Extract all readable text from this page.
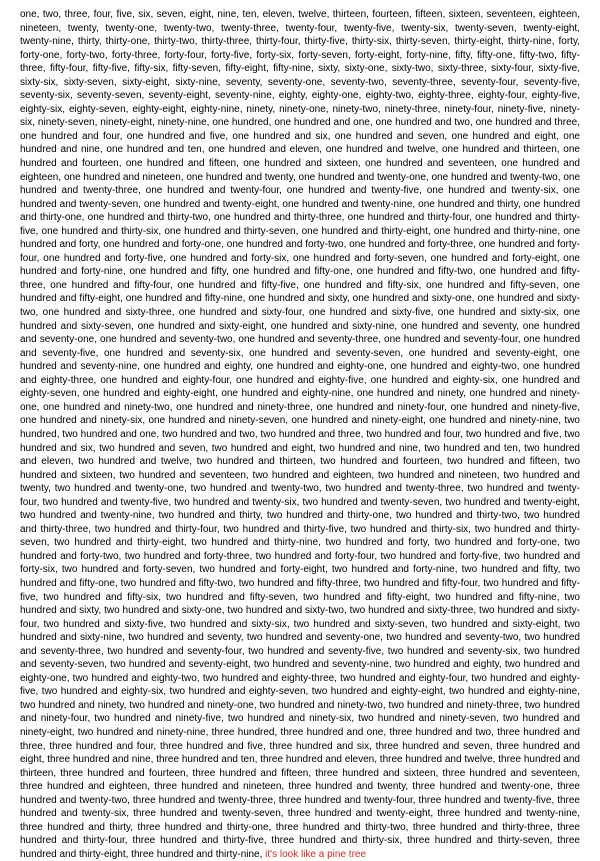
one, two, three, four, five, six, seven, eight, nine, ten, eleven, twelve, thirteen, fourteen, fifteen, sixteen, seventeen, eighteen, nineteen, twenty, twenty-one, twenty-two, twenty-three, twenty-four, twenty-five, twenty-six, twenty-seven, twenty-eight, twenty-nine, thirty, thirty-one, thirty-two, thirty-three, thirty-four, thirty-five, thirty-six, thirty-seven, thirty-eight, thirty-nine, forty, forty-one, forty-two, forty-three, forty-four, forty-five, forty-six, forty-seven, forty-eight, forty-nine, fifty, fifty-one, fifty-two, fifty-three, fifty-four, fifty-five, fifty-six, fifty-seven, fifty-eight, fifty-nine, sixty, sixty-one, sixty-two, sixty-three, sixty-four, sixty-five, sixty-six, sixty-seven, sixty-eight, sixty-nine, seventy, seventy-one, seventy-two, seventy-three, seventy-four, seventy-five, seventy-six, seventy-seven, seventy-eight, seventy-nine, eighty, eighty-one, eighty-two, eighty-three, eighty-four, eighty-five, eighty-six, eighty-seven, eighty-eight, eighty-nine, ninety, ninety-one, ninety-two, ninety-three, ninety-four, ninety-five, ninety-six, ninety-seven, ninety-eight, ninety-nine, one hundred, one hundred and one, one hundred and two, one hundred and three, one hundred and four, one hundred and five, one hundred and six, one hundred and seven, one hundred and eight, one hundred and nine, one hundred and ten, one hundred and eleven, one hundred and twelve, one hundred and thirteen, one hundred and fourteen, one hundred and fifteen, one hundred and sixteen, one hundred and seventeen, one hundred and eighteen, one hundred and nineteen, one hundred and twenty, one hundred and twenty-one, one hundred and twenty-two, one hundred and twenty-three, one hundred and twenty-four, one hundred and twenty-five, one hundred and twenty-six, one hundred and twenty-seven, one hundred and twenty-eight, one hundred and twenty-nine, one hundred and thirty, one hundred and thirty-one, one hundred and thirty-two, one hundred and thirty-three, one hundred and thirty-four, one hundred and thirty-five, one hundred and thirty-six, one hundred and thirty-seven, one hundred and thirty-eight, one hundred and thirty-nine, one hundred and forty, one hundred and forty-one, one hundred and forty-two, one hundred and forty-three, one hundred and forty-four, one hundred and forty-five, one hundred and forty-six, one hundred and forty-seven, one hundred and forty-eight, one hundred and forty-nine, one hundred and fifty, one hundred and fifty-one, one hundred and fifty-two, one hundred and fifty-three, one hundred and fifty-four, one hundred and fifty-five, one hundred and fifty-six, one hundred and fifty-seven, one hundred and fifty-eight, one hundred and fifty-nine, one hundred and sixty, one hundred and sixty-one, one hundred and sixty-two, one hundred and sixty-three, one hundred and sixty-four, one hundred and sixty-five, one hundred and sixty-six, one hundred and sixty-seven, one hundred and sixty-eight, one hundred and sixty-nine, one hundred and seventy, one hundred and seventy-one, one hundred and seventy-two, one hundred and seventy-three, one hundred and seventy-four, one hundred and seventy-five, one hundred and seventy-six, one hundred and seventy-seven, one hundred and seventy-eight, one hundred and seventy-nine, one hundred and eighty, one hundred and eighty-one, one hundred and eighty-two, one hundred and eighty-three, one hundred and eighty-four, one hundred and eighty-five, one hundred and eighty-six, one hundred and eighty-seven, one hundred and eighty-eight, one hundred and eighty-nine, one hundred and ninety, one hundred and ninety-one, one hundred and ninety-two, one hundred and ninety-three, one hundred and ninety-four, one hundred and ninety-five, one hundred and ninety-six, one hundred and ninety-seven, one hundred and ninety-eight, one hundred and ninety-nine, two hundred, two hundred and one, two hundred and two, two hundred and three, two hundred and four, two hundred and five, two hundred and six, two hundred and seven, two hundred and eight, two hundred and nine, two hundred and ten, two hundred and eleven, two hundred and twelve, two hundred and thirteen, two hundred and fourteen, two hundred and fifteen, two hundred and sixteen, two hundred and seventeen, two hundred and eighteen, two hundred and nineteen, two hundred and twenty, two hundred and twenty-one, two hundred and twenty-two, two hundred and twenty-three, two hundred and twenty-four, two hundred and twenty-five, two hundred and twenty-six, two hundred and twenty-seven, two hundred and twenty-eight, two hundred and twenty-nine, two hundred and thirty, two hundred and thirty-one, two hundred and thirty-two, two hundred and thirty-three, two hundred and thirty-four, two hundred and thirty-five, two hundred and thirty-six, two hundred and thirty-seven, two hundred and thirty-eight, two hundred and thirty-nine, two hundred and forty, two hundred and forty-one, two hundred and forty-two, two hundred and forty-three, two hundred and forty-four, two hundred and forty-five, two hundred and forty-six, two hundred and forty-seven, two hundred and forty-eight, two hundred and forty-nine, two hundred and fifty, two hundred and fifty-one, two hundred and fifty-two, two hundred and fifty-three, two hundred and fifty-four, two hundred and fifty-five, two hundred and fifty-six, two hundred and fifty-seven, two hundred and fifty-eight, two hundred and fifty-nine, two hundred and sixty, two hundred and sixty-one, two hundred and sixty-two, two hundred and sixty-three, two hundred and sixty-four, two hundred and sixty-five, two hundred and sixty-six, two hundred and sixty-seven, two hundred and sixty-eight, two hundred and sixty-nine, two hundred and seventy, two hundred and seventy-one, two hundred and seventy-two, two hundred and seventy-three, two hundred and seventy-four, two hundred and seventy-five, two hundred and seventy-six, two hundred and seventy-seven, two hundred and seventy-eight, two hundred and seventy-nine, two hundred and eighty, two hundred and eighty-one, two hundred and eighty-two, two hundred and eighty-three, two hundred and eighty-four, two hundred and eighty-five, two hundred and eighty-six, two hundred and eighty-seven, two hundred and eighty-eight, two hundred and eighty-nine, two hundred and ninety, two hundred and ninety-one, two hundred and ninety-two, two hundred and ninety-three, two hundred and ninety-four, two hundred and ninety-five, two hundred and ninety-six, two hundred and ninety-seven, two hundred and ninety-eight, two hundred and ninety-nine, three hundred, three hundred and one, three hundred and two, three hundred and three, three hundred and four, three hundred and five, three hundred and six, three hundred and seven, three hundred and eight, three hundred and nine, three hundred and ten, three hundred and eleven, three hundred and twelve, three hundred and thirteen, three hundred and fourteen, three hundred and fifteen, three hundred and sixteen, three hundred and seventeen, three hundred and eighteen, three hundred and nineteen, three hundred and twenty, three hundred and twenty-one, three hundred and twenty-two, three hundred and twenty-three, three hundred and twenty-four, three hundred and twenty-five, three hundred and twenty-six, three hundred and twenty-seven, three hundred and twenty-eight, three hundred and twenty-nine, three hundred and thirty, three hundred and thirty-one, three hundred and thirty-two, three hundred and thirty-three, three hundred and thirty-four, three hundred and thirty-five, three hundred and thirty-six, three hundred and thirty-seven, three hundred and thirty-eight, three hundred and thirty-nine, it's look like a pine tree
